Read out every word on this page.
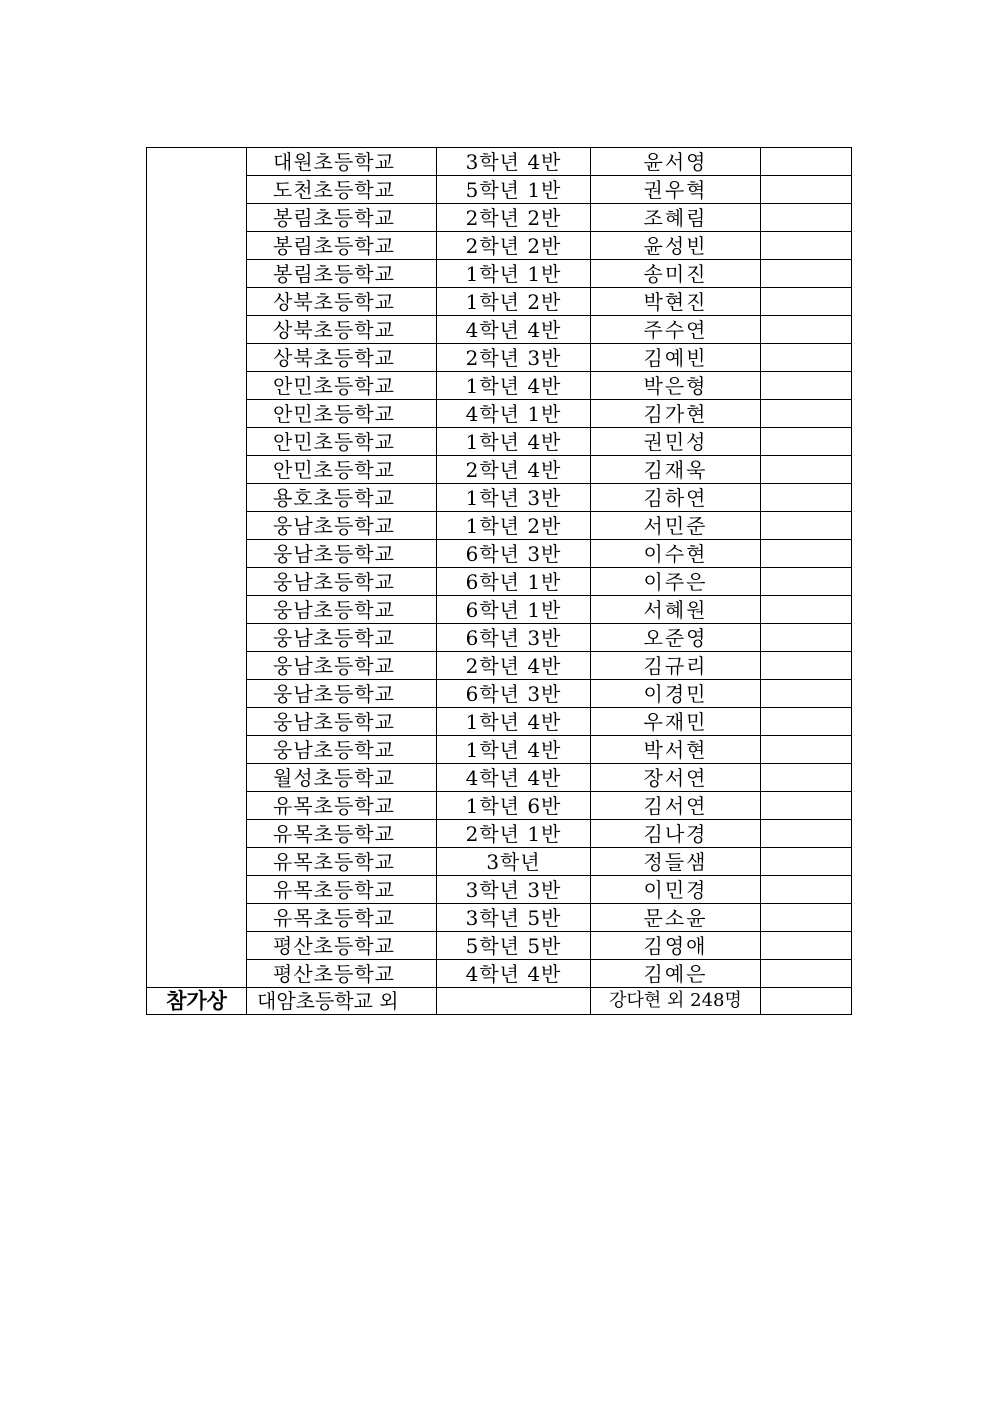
	대원초등학교	3학년 4반	윤서영	
	도천초등학교	5학년 1반	권우혁	
	봉림초등학교	2학년 2반	조혜림	
	봉림초등학교	2학년 2반	윤성빈	
	봉림초등학교	1학년 1반	송미진	
	상북초등학교	1학년 2반	박현진	
	상북초등학교	4학년 4반	주수연	
	상북초등학교	2학년 3반	김예빈	
	안민초등학교	1학년 4반	박은형	
	안민초등학교	4학년 1반	김가현	
	안민초등학교	1학년 4반	권민성	
	안민초등학교	2학년 4반	김재욱	
	용호초등학교	1학년 3반	김하연	
	웅남초등학교	1학년 2반	서민준	
	웅남초등학교	6학년 3반	이수현	
	웅남초등학교	6학년 1반	이주은	
	웅남초등학교	6학년 1반	서혜원	
	웅남초등학교	6학년 3반	오준영	
	웅남초등학교	2학년 4반	김규리	
	웅남초등학교	6학년 3반	이경민	
	웅남초등학교	1학년 4반	우재민	
	웅남초등학교	1학년 4반	박서현	
	월성초등학교	4학년 4반	장서연	
	유목초등학교	1학년 6반	김서연	
	유목초등학교	2학년 1반	김나경	
	유목초등학교	3학년	정들샘	
	유목초등학교	3학년 3반	이민경	
	유목초등학교	3학년 5반	문소윤	
	평산초등학교	5학년 5반	김영애	
	평산초등학교	4학년 4반	김예은	
참가상	대암초등학교 외		강다현 외 248명	
